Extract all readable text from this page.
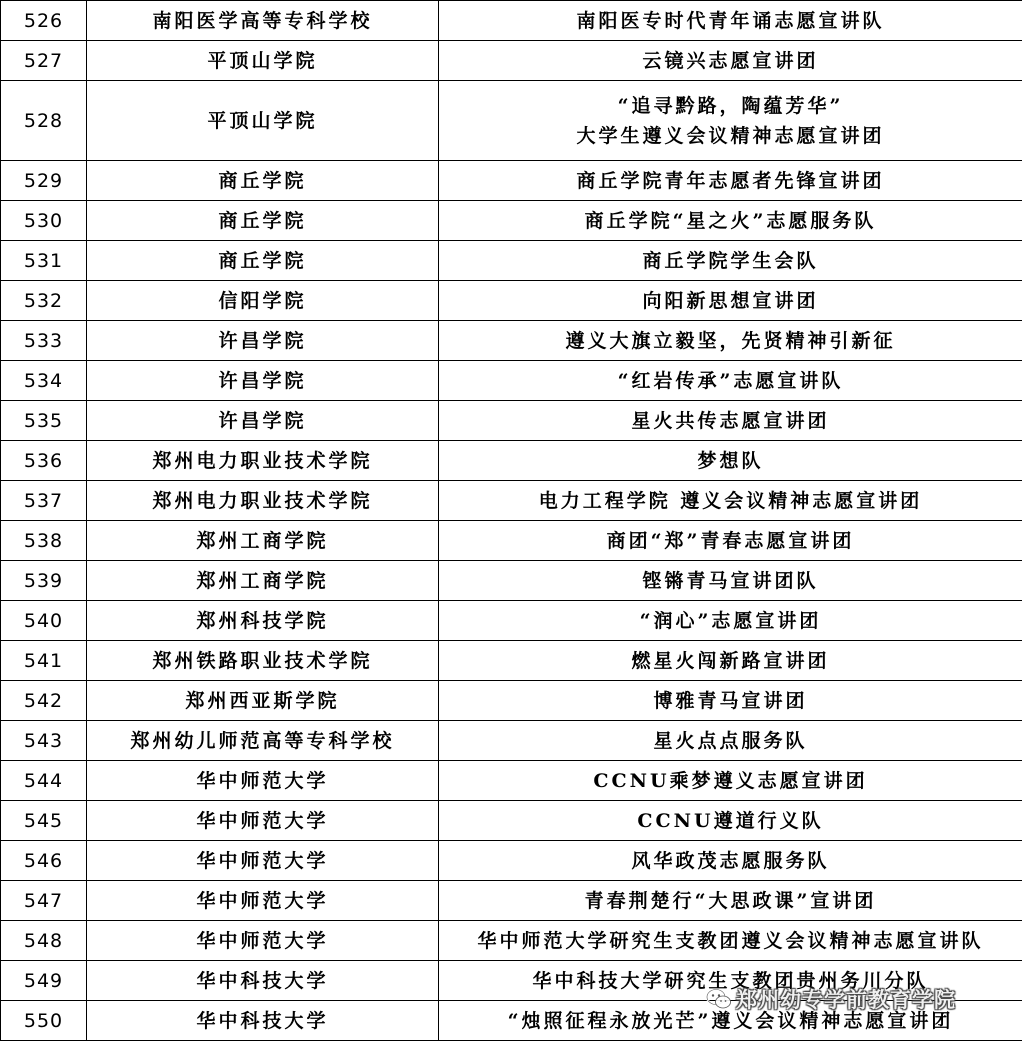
526	南阳医学高等专科学校	南阳医专时代青年诵志愿宣讲队

527	平顶山学院	云镜兴志愿宣讲团

528	平顶山学院	“追寻黔路，陶蕴芳华”
大学生遵义会议精神志愿宣讲团

529	商丘学院	商丘学院青年志愿者先锋宣讲团

530	商丘学院	商丘学院“星之火”志愿服务队

531	商丘学院	商丘学院学生会队

532	信阳学院	向阳新思想宣讲团

533	许昌学院	遵义大旗立毅坚，先贤精神引新征

534	许昌学院	“红岩传承”志愿宣讲队

535	许昌学院	星火共传志愿宣讲团

536	郑州电力职业技术学院	梦想队

537	郑州电力职业技术学院	电力工程学院 遵义会议精神志愿宣讲团

538	郑州工商学院	商团“郑”青春志愿宣讲团

539	郑州工商学院	铿锵青马宣讲团队

540	郑州科技学院	“润心”志愿宣讲团

541	郑州铁路职业技术学院	燃星火闯新路宣讲团

542	郑州西亚斯学院	博雅青马宣讲团

543	郑州幼儿师范高等专科学校	星火点点服务队

544	华中师范大学	CCNU乘梦遵义志愿宣讲团

545	华中师范大学	CCNU遵道行义队

546	华中师范大学	风华政茂志愿服务队

547	华中师范大学	青春荆楚行“大思政课”宣讲团

548	华中师范大学	华中师范大学研究生支教团遵义会议精神志愿宣讲队

549	华中科技大学	华中科技大学研究生支教团贵州务川分队

550	华中科技大学	“烛照征程永放光芒”遵义会议精神志愿宣讲团
郑州幼专学前教育学院
